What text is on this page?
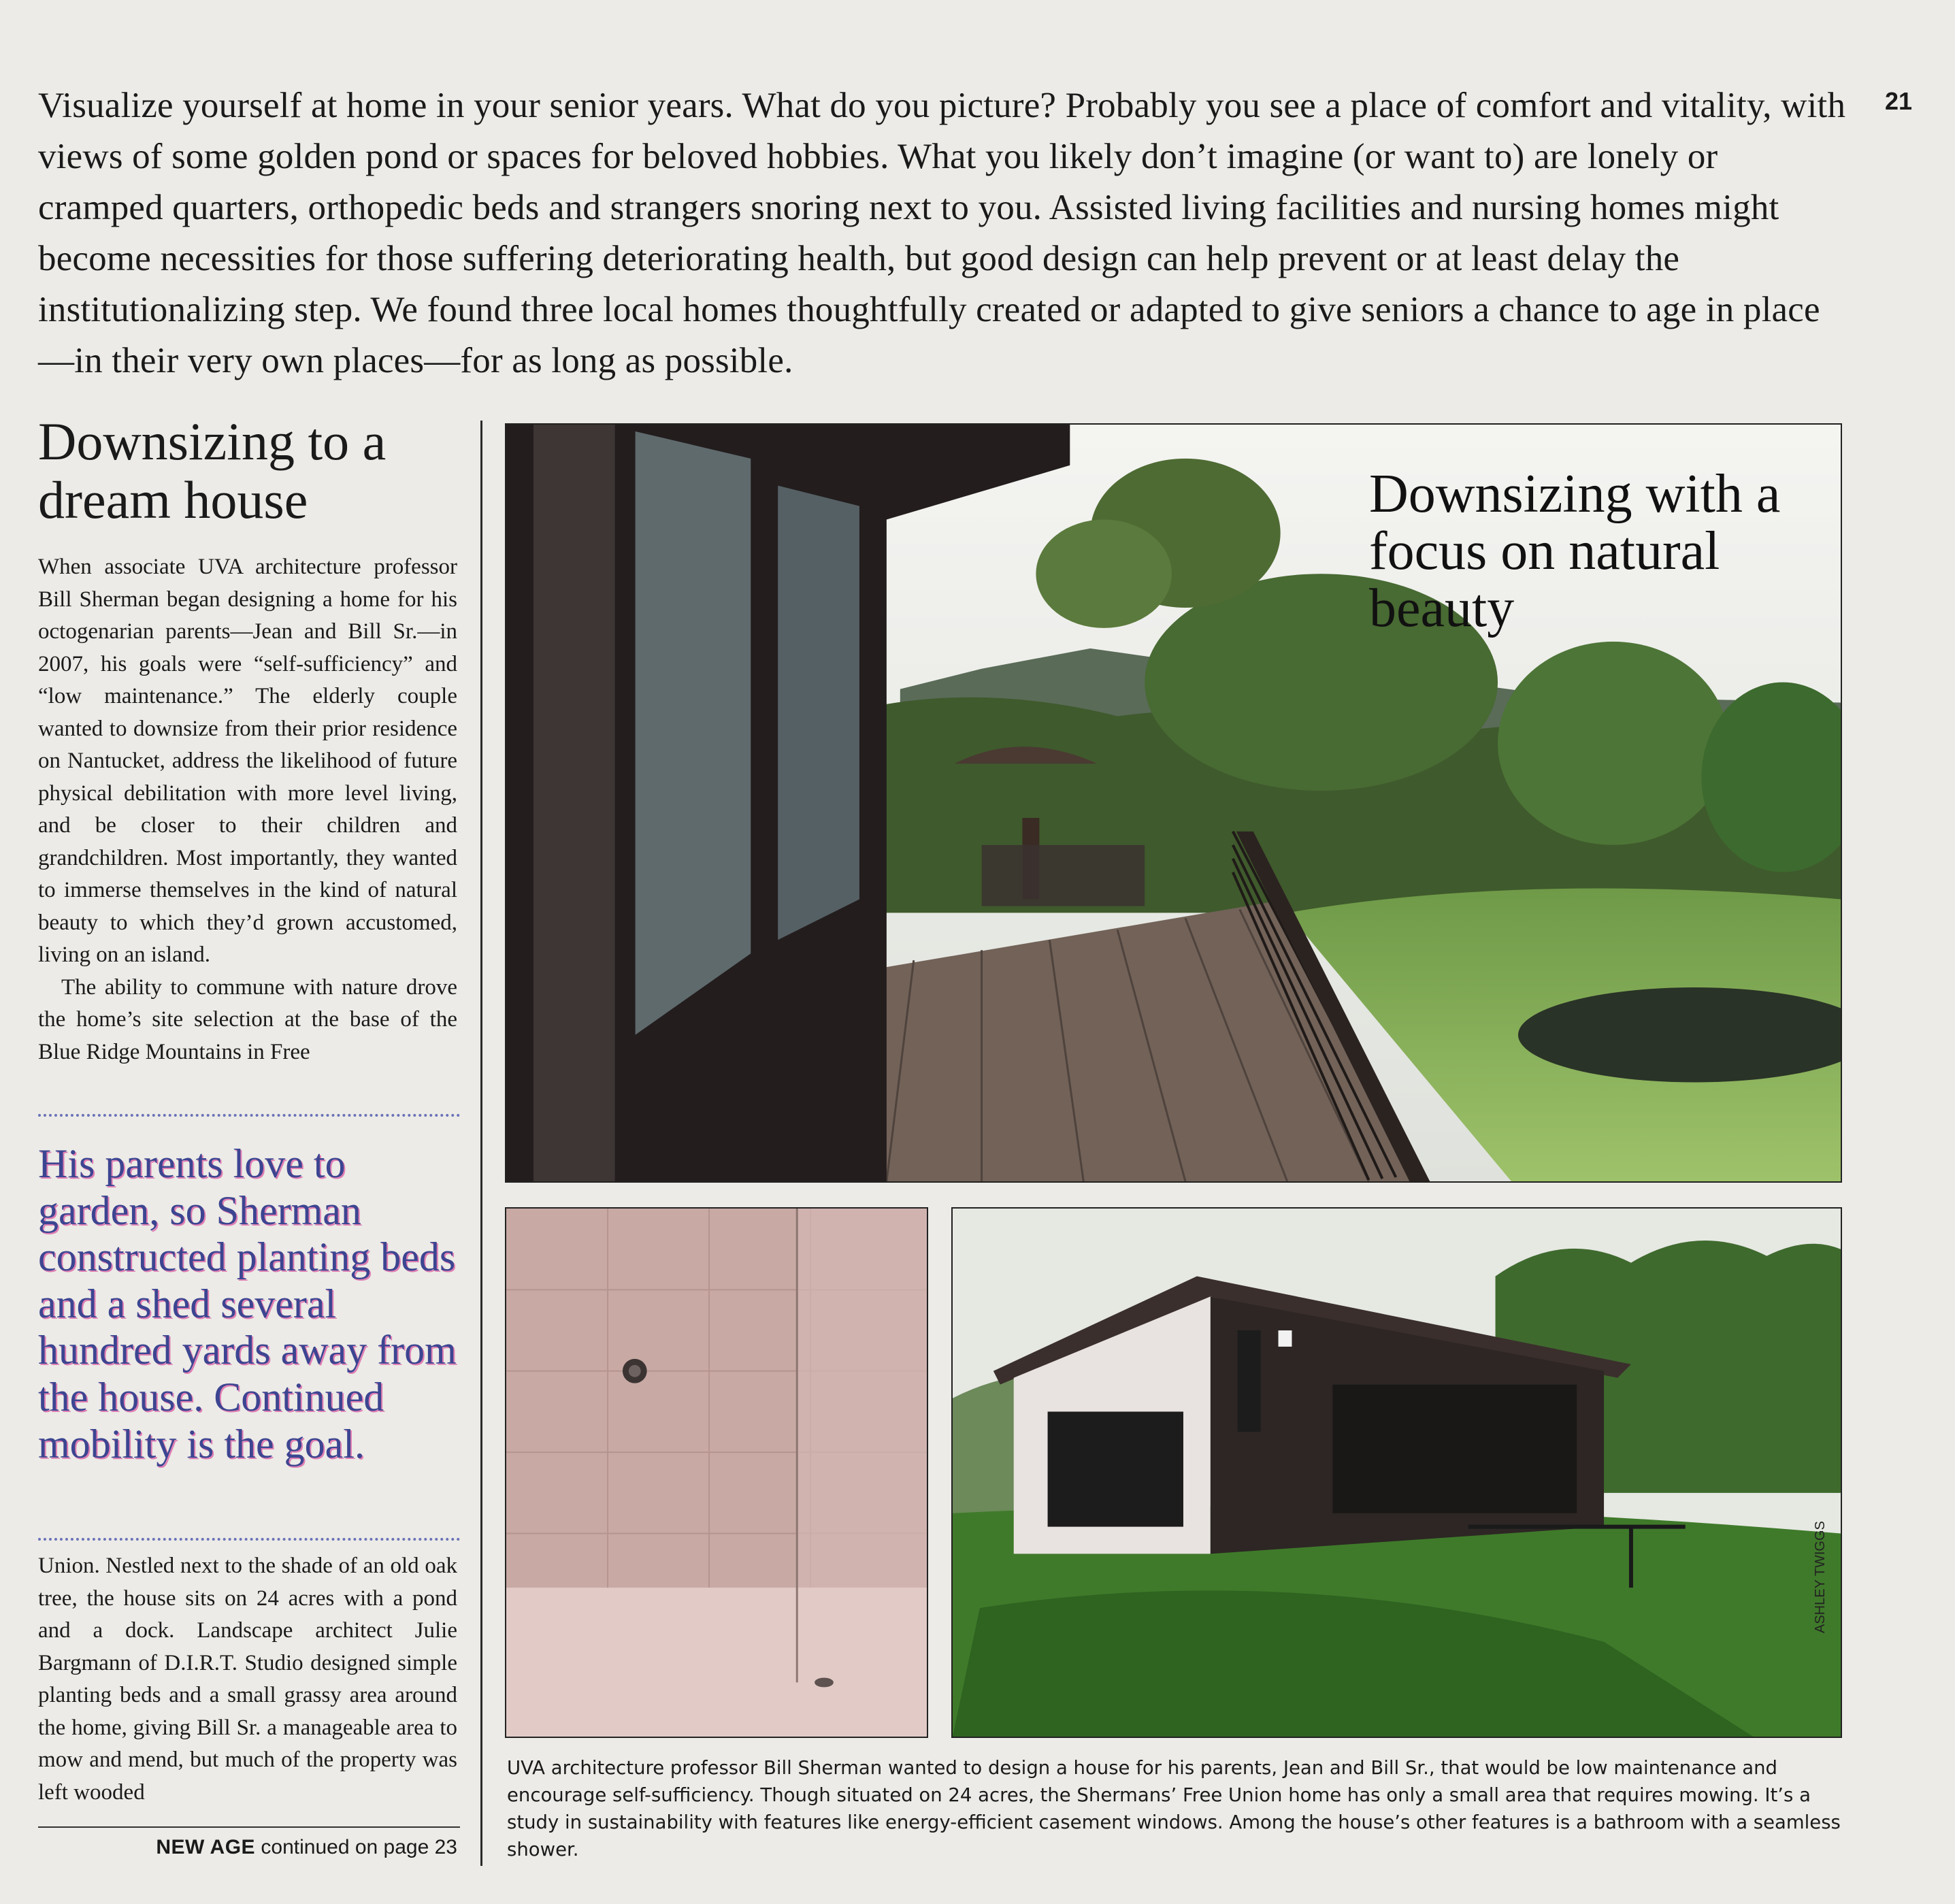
Visualize yourself at home in your senior years. What do you picture? Probably you see a place of comfort and vitality, with views of some golden pond or spaces for beloved hobbies. What you likely don’t imagine (or want to) are lonely or cramped quarters, orthopedic beds and strangers snoring next to you. Assisted living facilities and nursing homes might become necessities for those suffering deteriorating health, but good design can help prevent or at least delay the institutionalizing step. We found three local homes thoughtfully created or adapted to give seniors a chance to age in place—in their very own places—for as long as possible.

21
Downsizing to a dream house

When associate UVA architecture professor Bill Sherman began designing a home for his octogenarian parents—Jean and Bill Sr.—in 2007, his goals were “self-sufficiency” and “low maintenance.” The elderly couple wanted to downsize from their prior residence on Nantucket, address the likelihood of future physical debilitation with more level living, and be closer to their children and grandchildren. Most importantly, they wanted to immerse themselves in the kind of natural beauty to which they’d grown accustomed, living on an island.
The ability to commune with nature drove the home’s site selection at the base of the Blue Ridge Mountains in Free

His parents love to garden, so Sherman constructed planting beds and a shed several hundred yards away from the house. Continued mobility is the goal.

Union. Nestled next to the shade of an old oak tree, the house sits on 24 acres with a pond and a dock. Landscape architect Julie Bargmann of D.I.R.T. Studio designed simple planting beds and a small grassy area around the home, giving Bill Sr. a manageable area to mow and mend, but much of the property was left wooded

NEW AGE continued on page 23
Downsizing with a focus on natural beauty
ASHLEY TWIGGS

UVA architecture professor Bill Sherman wanted to design a house for his parents, Jean and Bill Sr., that would be low maintenance and encourage self-sufficiency. Though situated on 24 acres, the Shermans’ Free Union home has only a small area that requires mowing. It’s a study in sustainability with features like energy-efficient casement windows. Among the house’s other features is a bathroom with a seamless shower.
